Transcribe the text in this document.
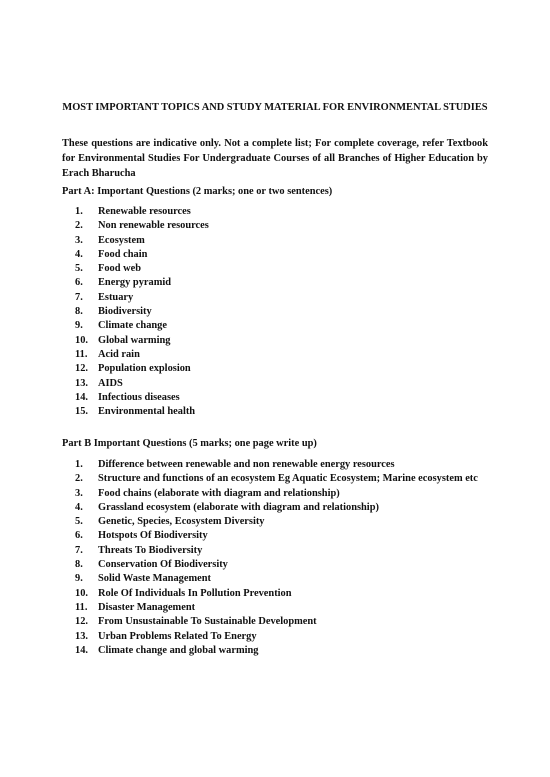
MOST IMPORTANT TOPICS AND STUDY MATERIAL FOR ENVIRONMENTAL STUDIES

These questions are indicative only. Not a complete list; For complete coverage, refer Textbook for Environmental Studies For Undergraduate Courses of all Branches of Higher Education by Erach Bharucha

Part A: Important Questions (2 marks; one or two sentences)

1.	Renewable resources
2.	Non renewable resources
3.	Ecosystem
4.	Food chain
5.	Food web
6.	Energy pyramid
7.	Estuary
8.	Biodiversity
9.	Climate change
10. Global warming
11.	Acid rain
12. Population explosion
13. AIDS
14. Infectious diseases
15. Environmental health

Part B Important Questions (5 marks; one page write up)

1.	Difference between renewable and non renewable energy resources
2.	Structure and functions of an ecosystem Eg Aquatic Ecosystem; Marine ecosystem etc
3.	Food chains (elaborate with diagram and relationship)
4.	Grassland ecosystem (elaborate with diagram and relationship)
5.	Genetic, Species, Ecosystem Diversity
6.	Hotspots Of Biodiversity
7.	Threats To Biodiversity
8.	Conservation Of Biodiversity
9.	Solid Waste Management
10. Role Of Individuals In Pollution Prevention
11.	Disaster Management
12. From Unsustainable To Sustainable Development
13. Urban Problems Related To Energy
14. Climate change and global warming
